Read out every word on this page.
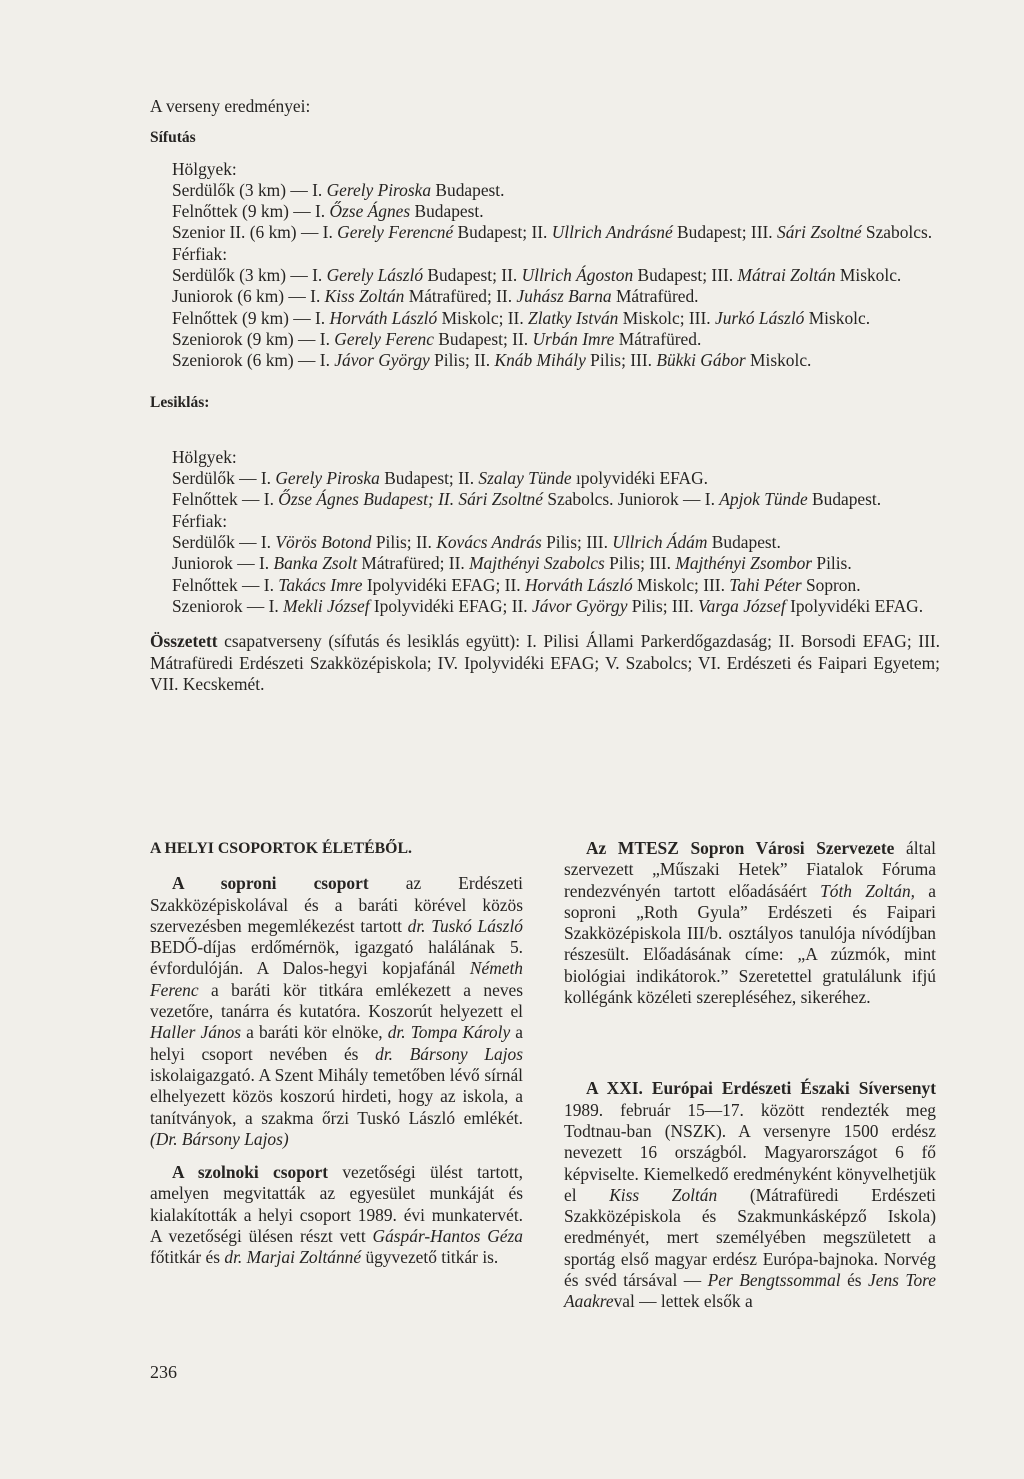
A verseny eredményei:

Sífutás

Hölgyek:

Serdülők (3 km) — I. Gerely Piroska Budapest.

Felnőttek (9 km) — I. Őzse Ágnes Budapest.

Szenior II. (6 km) — I. Gerely Ferencné Budapest; II. Ullrich Andrásné Budapest; III. Sári Zsoltné Szabolcs.

Férfiak:

Serdülők (3 km) — I. Gerely László Budapest; II. Ullrich Ágoston Budapest; III. Mátrai Zoltán Miskolc.

Juniorok (6 km) — I. Kiss Zoltán Mátrafüred; II. Juhász Barna Mátrafüred.

Felnőttek (9 km) — I. Horváth László Miskolc; II. Zlatky István Miskolc; III. Jurkó László Miskolc.

Szeniorok (9 km) — I. Gerely Ferenc Budapest; II. Urbán Imre Mátrafüred.

Szeniorok (6 km) — I. Jávor György Pilis; II. Knáb Mihály Pilis; III. Bükki Gábor Miskolc.

Lesiklás:

Hölgyek:

Serdülők — I. Gerely Piroska Budapest; II. Szalay Tünde ıpolyvidéki EFAG.

Felnőttek — I. Őzse Ágnes Budapest; II. Sári Zsoltné Szabolcs. Juniorok — I. Apjok Tünde Budapest.

Férfiak:

Serdülők — I. Vörös Botond Pilis; II. Kovács András Pilis; III. Ullrich Ádám Budapest.

Juniorok — I. Banka Zsolt Mátrafüred; II. Majthényi Szabolcs Pilis; III. Majthényi Zsombor Pilis.

Felnőttek — I. Takács Imre Ipolyvidéki EFAG; II. Horváth László Miskolc; III. Tahi Péter Sopron.

Szeniorok — I. Mekli József Ipolyvidéki EFAG; II. Jávor György Pilis; III. Varga József Ipolyvidéki EFAG.

Összetett csapatverseny (sífutás és lesiklás együtt): I. Pilisi Állami Parkerdőgazdaság; II. Borsodi EFAG; III. Mátrafüredi Erdészeti Szakközépiskola; IV. Ipolyvidéki EFAG; V. Szabolcs; VI. Erdészeti és Faipari Egyetem; VII. Kecskemét.

A HELYI CSOPORTOK ÉLETÉBŐL.

A soproni csoport az Erdészeti Szakközépiskolával és a baráti körével közös szervezésben megemlékezést tartott dr. Tuskó László BEDŐ-díjas erdőmérnök, igazgató halálának 5. évfordulóján. A Dalos-hegyi kopjafánál Németh Ferenc a baráti kör titkára emlékezett a neves vezetőre, tanárra és kutatóra. Koszorút helyezett el Haller János a baráti kör elnöke, dr. Tompa Károly a helyi csoport nevében és dr. Bársony Lajos iskolaigazgató. A Szent Mihály temetőben lévő sírnál elhelyezett közös koszorú hirdeti, hogy az iskola, a tanítványok, a szakma őrzi Tuskó László emlékét. (Dr. Bársony Lajos)

A szolnoki csoport vezetőségi ülést tartott, amelyen megvitatták az egyesület munkáját és kialakították a helyi csoport 1989. évi munkatervét. A vezetőségi ülésen részt vett Gáspár-Hantos Géza főtitkár és dr. Marjai Zoltánné ügyvezető titkár is.

Az MTESZ Sopron Városi Szervezete által szervezett „Műszaki Hetek” Fiatalok Fóruma rendezvényén tartott előadásáért Tóth Zoltán, a soproni „Roth Gyula” Erdészeti és Faipari Szakközépiskola III/b. osztályos tanulója nívódíjban részesült. Előadásának címe: „A zúzmók, mint biológiai indikátorok.” Szeretettel gratulálunk ifjú kollégánk közéleti szerepléséhez, sikeréhez.

A XXI. Európai Erdészeti Északi Síversenyt 1989. február 15—17. között rendezték meg Todtnau-ban (NSZK). A versenyre 1500 erdész nevezett 16 országból. Magyarországot 6 fő képviselte. Kiemelkedő eredményként könyvelhetjük el Kiss Zoltán (Mátrafüredi Erdészeti Szakközépiskola és Szakmunkásképző Iskola) eredményét, mert személyében megszületett a sportág első magyar erdész Európa-bajnoka. Norvég és svéd társával — Per Bengtssommal és Jens Tore Aaakreval — lettek elsők a

236
